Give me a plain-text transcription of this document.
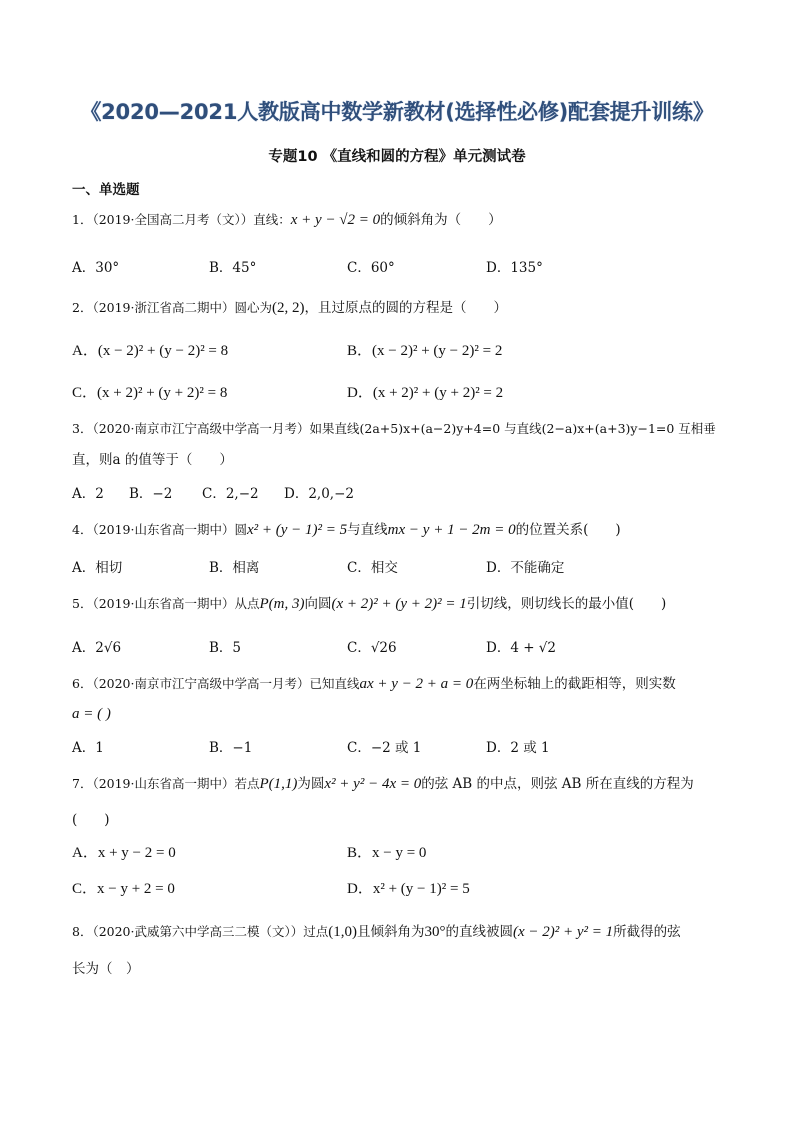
《2020—2021人教版高中数学新教材(选择性必修)配套提升训练》
专题10 《直线和圆的方程》单元测试卷
一、单选题
1．（2019·全国高二月考（文））直线：x + y − √2 = 0的倾斜角为（　　）
A．30°	B．45°	C．60°	D．135°
2．（2019·浙江省高二期中）圆心为(2, 2)，且过原点的圆的方程是（　　）
A．(x − 2)² + (y − 2)² = 8	B．(x − 2)² + (y − 2)² = 2
C．(x + 2)² + (y + 2)² = 8	D．(x + 2)² + (y + 2)² = 2
3．（2020·南京市江宁高级中学高一月考）如果直线(2a+5)x+(a−2)y+4=0 与直线(2−a)x+(a+3)y−1=0 互相垂
直，则a 的值等于（　　）
A．2 B．−2 C．2,−2 D．2,0,−2
4．（2019·山东省高一期中）圆x² + (y − 1)² = 5与直线mx − y + 1 − 2m = 0的位置关系(　　)
A．相切	B．相离	C．相交	D．不能确定
5．（2019·山东省高一期中）从点P(m, 3)向圆(x + 2)² + (y + 2)² = 1引切线，则切线长的最小值(　　)
A．2√6	B．5	C．√26	D．4 + √2
6．（2020·南京市江宁高级中学高一月考）已知直线ax + y − 2 + a = 0在两坐标轴上的截距相等，则实数
a = ( )
A．1	B．−1	C．−2 或 1	D．2 或 1
7．（2019·山东省高一期中）若点P(1,1)为圆x² + y² − 4x = 0的弦 AB 的中点，则弦 AB 所在直线的方程为
(　　)
A．x + y − 2 = 0	B．x − y = 0
C．x − y + 2 = 0	D．x² + (y − 1)² = 5
8．（2020·武威第六中学高三二模（文））过点(1,0)且倾斜角为30°的直线被圆(x − 2)² + y² = 1所截得的弦
长为（　）
